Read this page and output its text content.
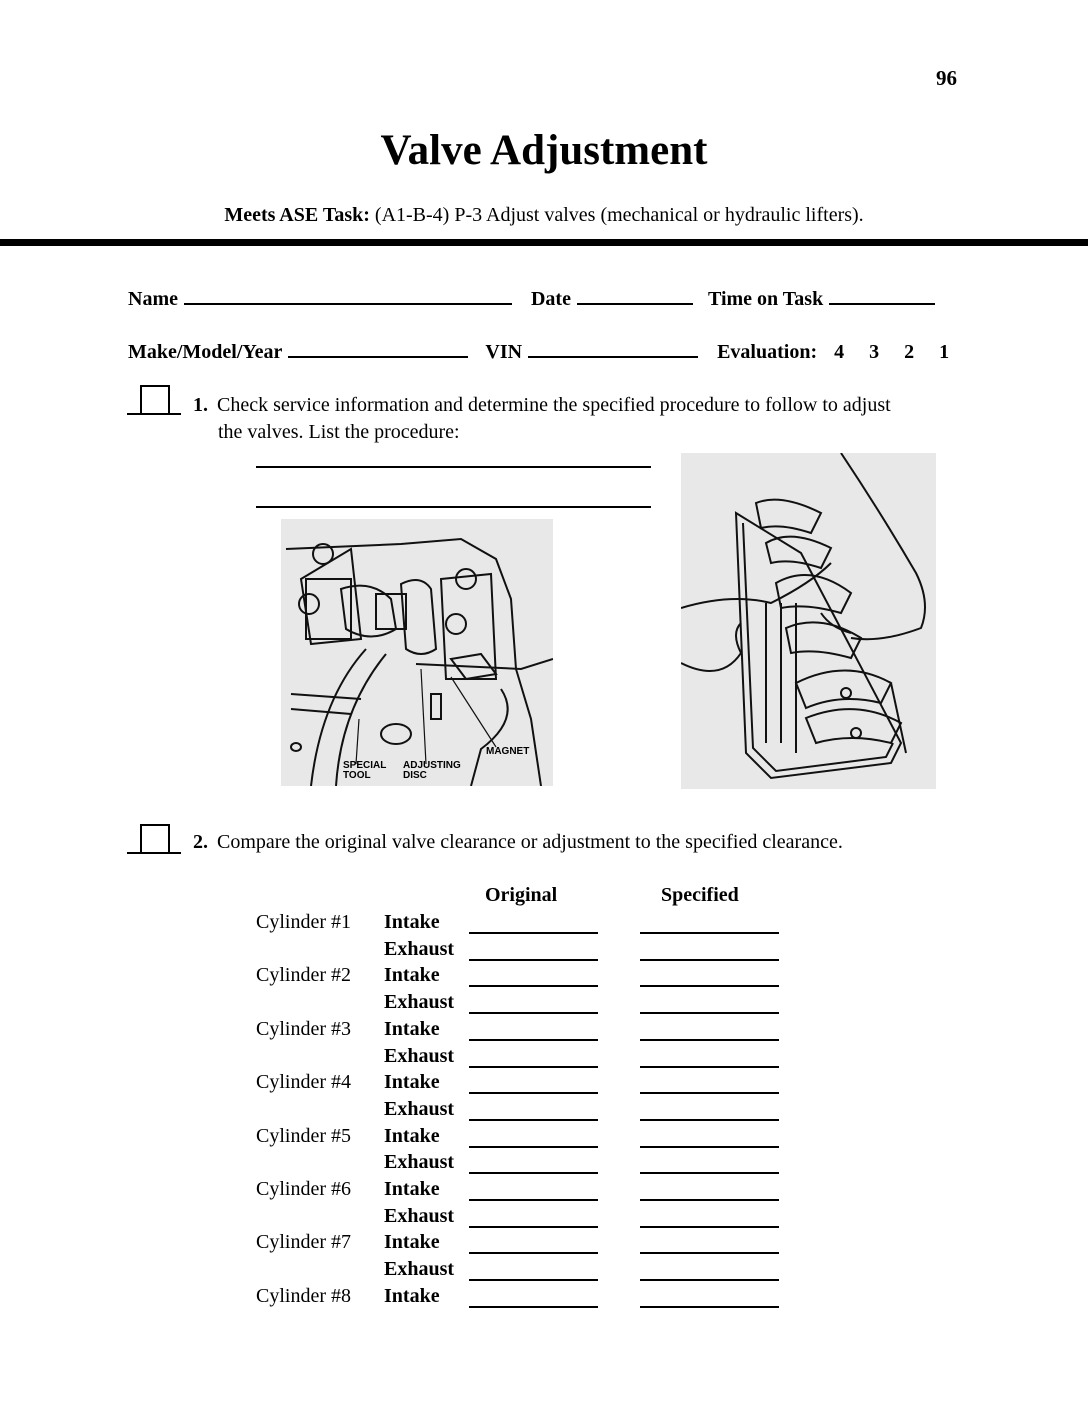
96
Valve Adjustment
Meets ASE Task: (A1-B-4) P-3 Adjust valves (mechanical or hydraulic lifters).
Name	Date	Time on Task
Make/Model/Year	VIN	Evaluation: 4 3 2 1
1. Check service information and determine the specified procedure to follow to adjust
the valves. List the procedure:
SPECIAL
TOOL
ADJUSTING
DISC
MAGNET
2. Compare the original valve clearance or adjustment to the specified clearance.
Original	Specified
Cylinder #1 Intake
Exhaust
Cylinder #2 Intake
Exhaust
Cylinder #3 Intake
Exhaust
Cylinder #4 Intake
Exhaust
Cylinder #5 Intake
Exhaust
Cylinder #6 Intake
Exhaust
Cylinder #7 Intake
Exhaust
Cylinder #8 Intake
